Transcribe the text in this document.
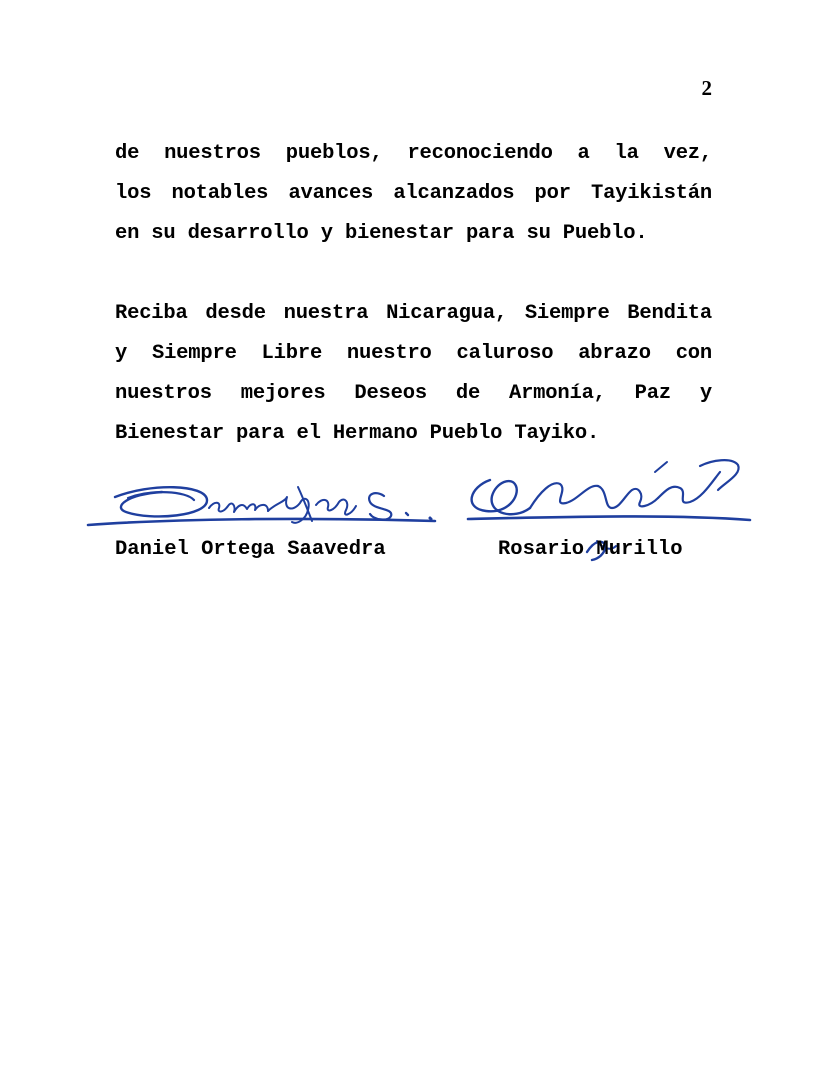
2
de nuestros pueblos, reconociendo a la vez,
los notables avances alcanzados por Tayikistán
en su desarrollo y bienestar para su Pueblo.
Reciba desde nuestra Nicaragua, Siempre Bendita
y Siempre Libre nuestro caluroso abrazo con
nuestros mejores Deseos de Armonía, Paz y
Bienestar para el Hermano Pueblo Tayiko.
Daniel Ortega Saavedra	Rosario Murillo
